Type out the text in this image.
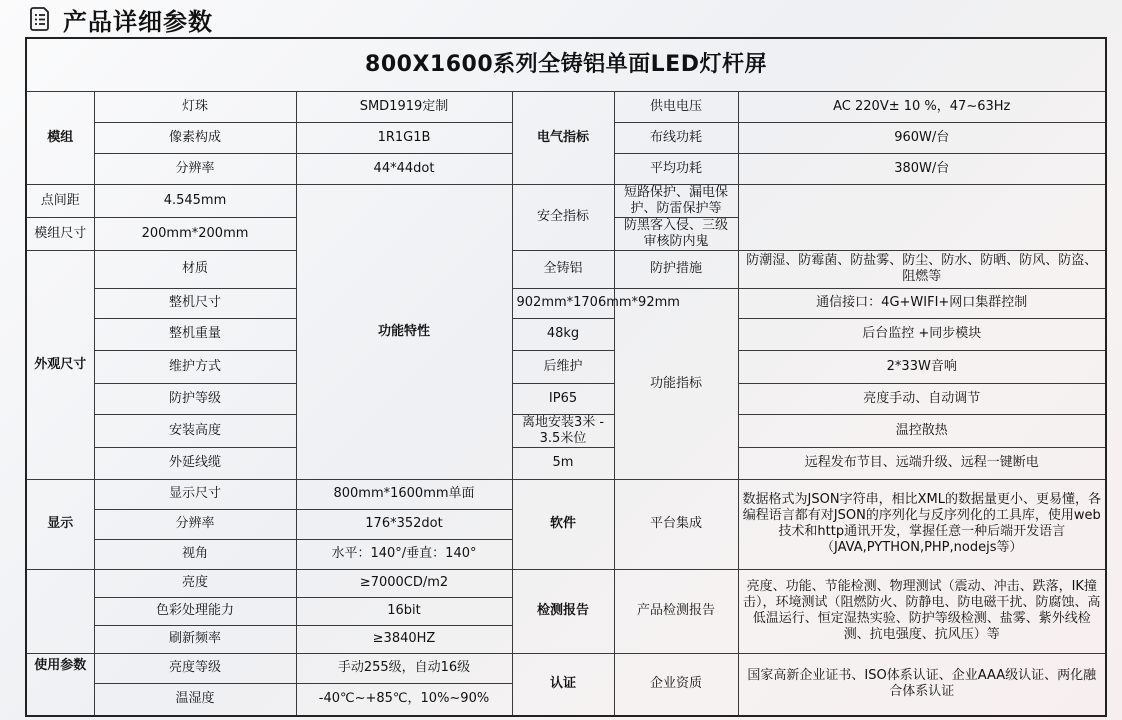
产品详细参数
800X1600系列全铸铝单面LED灯杆屏					
模组	灯珠	SMD1919定制	电气指标	供电电压	AC 220V± 10 %，47~63Hz
	像素构成	1R1G1B		布线功耗	960W/台
	分辨率	44*44dot		平均功耗	380W/台
点间距	4.545mm	功能特性	安全指标	短路保护、漏电保护、防雷保护等	
模组尺寸	200mm*200mm			防黑客入侵、三级审核防内鬼	
外观尺寸	材质		全铸铝	防护措施	防潮湿、防霉菌、防盐雾、防尘、防水、防晒、防风、防盗、阻燃等
	整机尺寸		902mm*1706mm*92mm	功能指标	通信接口：4G+WIFI+网口集群控制
	整机重量		48kg		后台监控 +同步模块
	维护方式		后维护		2*33W音响
	防护等级		IP65		亮度手动、自动调节
	安装高度		离地安装3米 - 3.5米位		温控散热
	外延线缆		5m		远程发布节目、远端升级、远程一键断电
显示	显示尺寸	800mm*1600mm单面	软件	平台集成	数据格式为JSON字符串，相比XML的数据量更小、更易懂，各编程语言都有对JSON的序列化与反序列化的工具库，使用web技术和http通讯开发，掌握任意一种后端开发语言（JAVA,PYTHON,PHP,nodejs等）
	分辨率	176*352dot			
	视角	水平：140°/垂直：140°			
	亮度	≥7000CD/m2	检测报告	产品检测报告	亮度、功能、节能检测、物理测试（震动、冲击、跌落，IK撞击），环境测试（阻燃防火、防静电、防电磁干扰、防腐蚀、高低温运行、恒定湿热实验、防护等级检测、盐雾、紫外线检测、抗电强度、抗风压）等
	色彩处理能力	16bit			
	刷新频率	≥3840HZ			
使用参数	亮度等级	手动255级，自动16级	认证	企业资质	国家高新企业证书、ISO体系认证、企业AAA级认证、两化融合体系认证
	温湿度	-40℃~+85℃，10%~90%			
